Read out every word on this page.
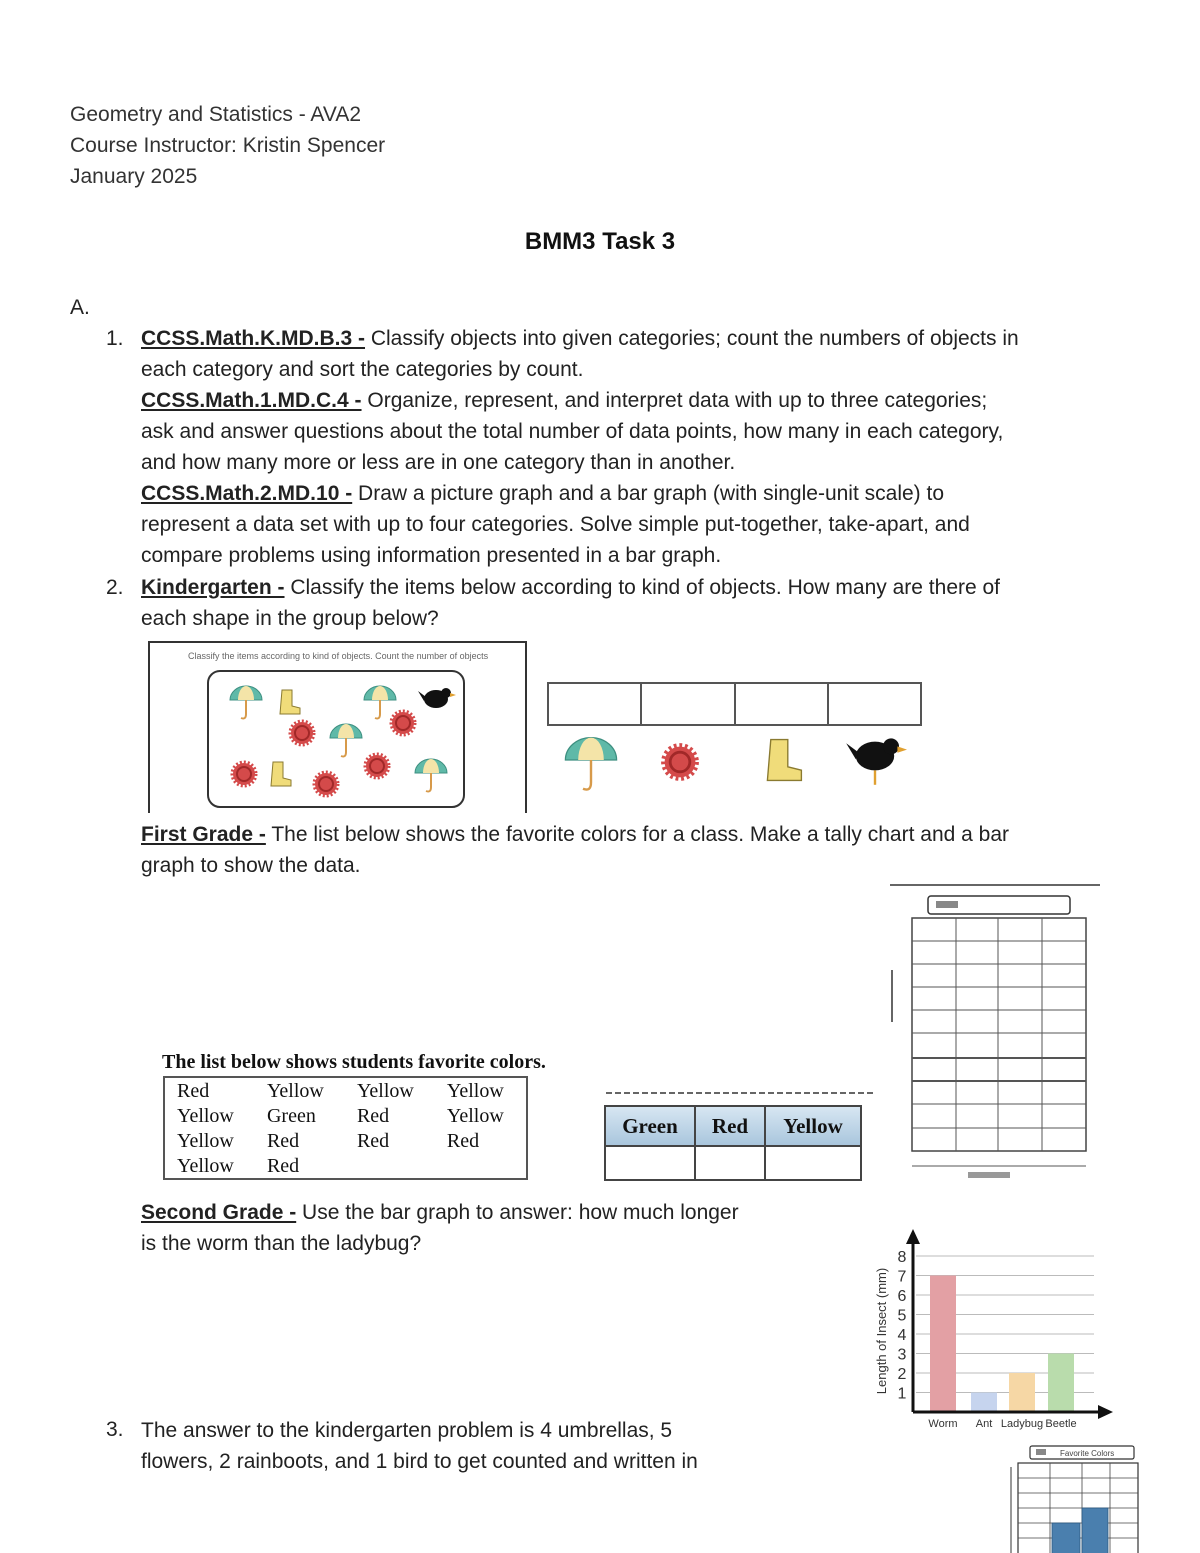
Geometry and Statistics - AVA2
Course Instructor: Kristin Spencer
January 2025
BMM3 Task 3
A.
1. CCSS.Math.K.MD.B.3 - Classify objects into given categories; count the numbers of objects in
each category and sort the categories by count.
CCSS.Math.1.MD.C.4 - Organize, represent, and interpret data with up to three categories;
ask and answer questions about the total number of data points, how many in each category,
and how many more or less are in one category than in another.
CCSS.Math.2.MD.10 - Draw a picture graph and a bar graph (with single-unit scale) to
represent a data set with up to four categories. Solve simple put-together, take-apart, and
compare problems using information presented in a bar graph.
2. Kindergarten - Classify the items below according to kind of objects. How many are there of
each shape in the group below?
Classify the items according to kind of objects. Count the number of objects
First Grade - The list below shows the favorite colors for a class. Make a tally chart and a bar
graph to show the data.
The list below shows students favorite colors.
Red	Yellow	Yellow	Yellow
Yellow	Green	Red	Yellow
Yellow	Red	Red	Red
Yellow	Red
Green	Red	Yellow

Second Grade - Use the bar graph to answer: how much longer
is the worm than the ladybug?
1
2
3
4
5
6
7
8
Worm Ant Ladybug Beetle
Length of Insect (mm)
3. The answer to the kindergarten problem is 4 umbrellas, 5
flowers, 2 rainboots, and 1 bird to get counted and written in	Favorite Colors
